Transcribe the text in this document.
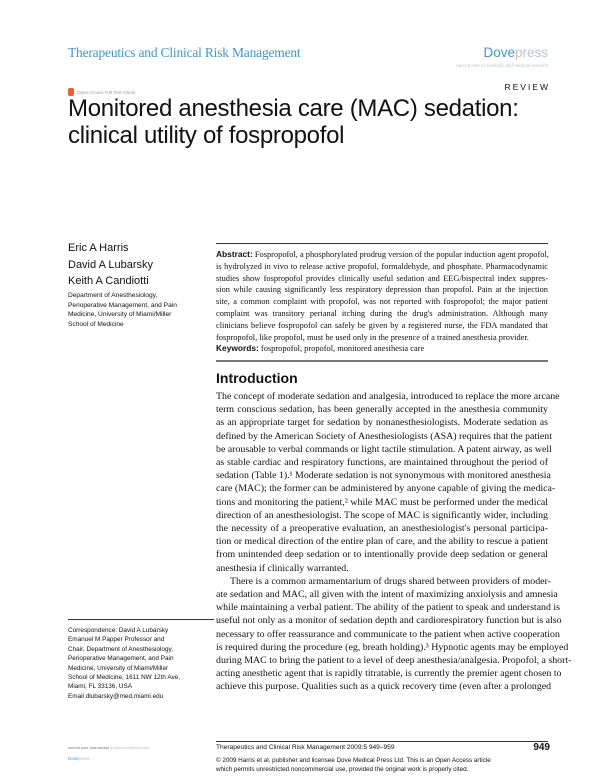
Therapeutics and Clinical Risk Management	Dovepress
open access to scientific and medical research
Open Access Full Text Article	REVIEW
Monitored anesthesia care (MAC) sedation:
clinical utility of fospropofol
Eric A Harris
David A Lubarsky
Keith A Candiotti
Department of Anesthesiology,
Perioperative Management, and Pain
Medicine, University of Miami/Miller
School of Medicine
Abstract: Fospropofol, a phosphorylated prodrug version of the popular induction agent propofol,
is hydrolyzed in vivo to release active propofol, formaldehyde, and phosphate. Pharmacodynamic
studies show fospropofol provides clinically useful sedation and EEG/bispectral index suppres-
sion while causing significantly less respiratory depression than propofol. Pain at the injection
site, a common complaint with propofol, was not reported with fospropofol; the major patient
complaint was transitory perianal itching during the drug's administration. Although many
clinicians believe fospropofol can safely be given by a registered nurse, the FDA mandated that
fospropofol, like propofol, must be used only in the presence of a trained anesthesia provider.
Keywords: fospropofol, propofol, monitored anesthesia care
Introduction
The concept of moderate sedation and analgesia, introduced to replace the more arcane
term conscious sedation, has been generally accepted in the anesthesia community
as an appropriate target for sedation by nonanesthesiologists. Moderate sedation as
defined by the American Society of Anesthesiologists (ASA) requires that the patient
be arousable to verbal commands or light tactile stimulation. A patent airway, as well
as stable cardiac and respiratory functions, are maintained throughout the period of
sedation (Table 1).¹ Moderate sedation is not synonymous with monitored anesthesia
care (MAC); the former can be administered by anyone capable of giving the medica-
tions and monitoring the patient,² while MAC must be performed under the medical
direction of an anesthesiologist. The scope of MAC is significantly wider, including
the necessity of a preoperative evaluation, an anesthesiologist's personal participa-
tion or medical direction of the entire plan of care, and the ability to rescue a patient
from unintended deep sedation or to intentionally provide deep sedation or general
anesthesia if clinically warranted.
There is a common armamentarium of drugs shared between providers of moder-
ate sedation and MAC, all given with the intent of maximizing anxiolysis and amnesia
while maintaining a verbal patient. The ability of the patient to speak and understand is
useful not only as a monitor of sedation depth and cardiorespiratory function but is also
necessary to offer reassurance and communicate to the patient when active cooperation
is required during the procedure (eg, breath holding).³ Hypnotic agents may be employed
during MAC to bring the patient to a level of deep anesthesia/analgesia. Propofol, a short-
acting anesthetic agent that is rapidly titratable, is currently the premier agent chosen to
achieve this purpose. Qualities such as a quick recovery time (even after a prolonged
Correspondence: David A Lubarsky
Emanuel M Papper Professor and
Chair, Department of Anesthesiology,
Perioperative Management, and Pain
Medicine, University of Miami/Miller
School of Medicine, 1611 NW 12th Ave,
Miami, FL 33136, USA
Email dlubarsky@med.miami.edu
submit your manuscript | www.dovepress.com
Dovepress
Therapeutics and Clinical Risk Management 2009:5 949–959	949
© 2009 Harris et al, publisher and licensee Dove Medical Press Ltd. This is an Open Access article
which permits unrestricted noncommercial use, provided the original work is properly cited.
